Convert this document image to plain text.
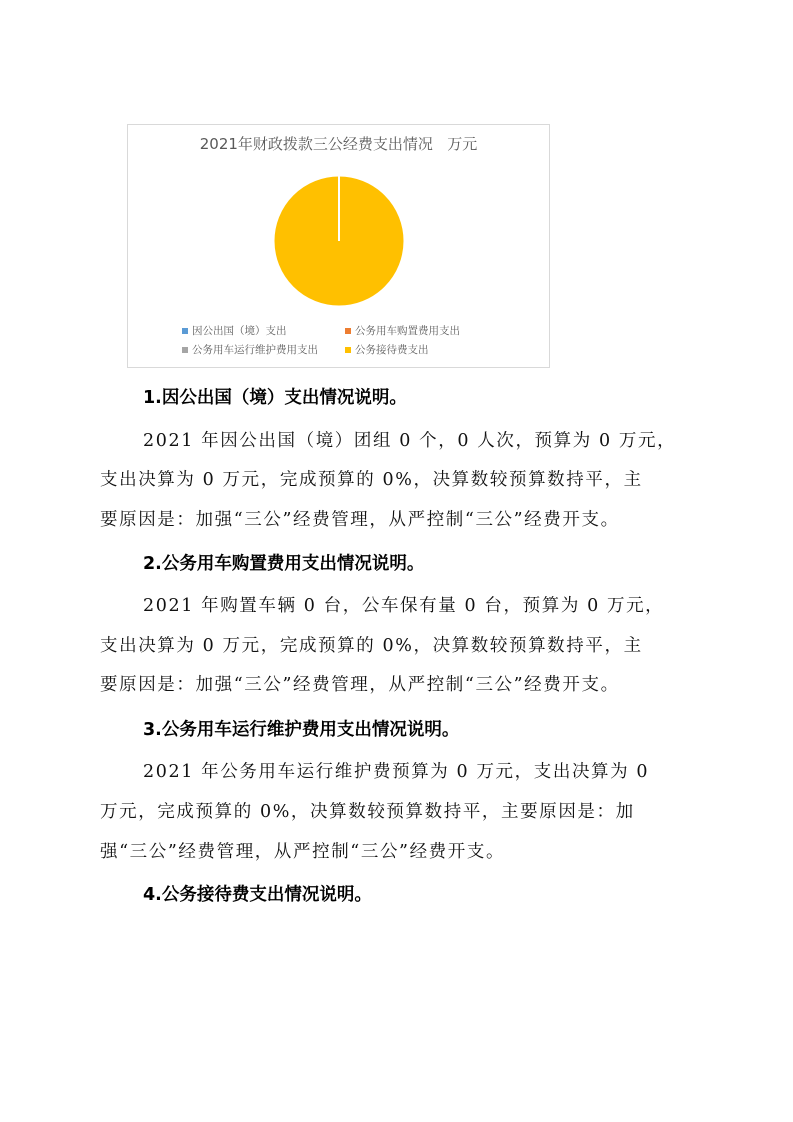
2021年财政拨款三公经费支出情况   万元
因公出国（境）支出	公务用车购置费用支出
公务用车运行维护费用支出	公务接待费支出
1.因公出国（境）支出情况说明。

2021 年因公出国（境）团组 0 个，0 人次，预算为 0 万元，

支出决算为 0 万元，完成预算的 0%，决算数较预算数持平，主

要原因是：加强“三公”经费管理，从严控制“三公”经费开支。

2.公务用车购置费用支出情况说明。

2021 年购置车辆 0 台，公车保有量 0 台，预算为 0 万元，

支出决算为 0 万元，完成预算的 0%，决算数较预算数持平，主

要原因是：加强“三公”经费管理，从严控制“三公”经费开支。

3.公务用车运行维护费用支出情况说明。

2021 年公务用车运行维护费预算为 0 万元，支出决算为 0

万元，完成预算的 0%，决算数较预算数持平，主要原因是：加

强“三公”经费管理，从严控制“三公”经费开支。

4.公务接待费支出情况说明。
